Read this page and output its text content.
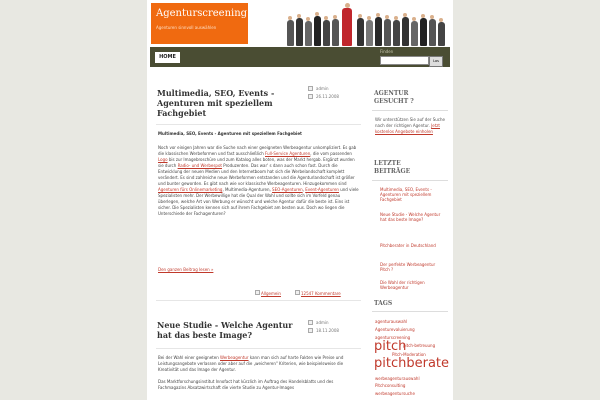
Agenturscreening
Agenturen sinnvoll auswählen
HOME
Finden
Los
Multimedia, SEO, Events - Agenturen mit speziellem Fachgebiet
admin
26.11.2008
Multimedia, SEO, Events - Agenturen mit speziellem Fachgebiet
Noch vor einigen Jahren war die Suche nach einer geeigneten Werbeagentur unkompliziert. Es gab die klassischen Werbeformen und fast ausschließlich Full-Service Agenturen, die vom passenden Logo bis zur Imagebroschüre und zum Katalog alles boten, was der Markt hergab. Ergänzt wurden sie durch Radio- und Werbespot Produzenten. Das war' s dann auch schon fast. Durch die Entwicklung der neuen Medien und den Internetboom hat sich die Werbelandschaft komplett verändert. Es sind zahlreiche neue Werbeformen entstanden und die Agenturlandschaft ist größer und bunter geworden. Es gibt nach wie vor klassische Werbeagenturen. Hinzugekommen sind Agenturen fürs Onlinemarketing, Multimedia-Agenturen, SEO-Agenturen, Event-Agenturen und viele Spezialisten mehr. Der Werbewillige hat die Qual der Wahl und sollte sich im Vorfeld genau überlegen, welche Art von Werbung er wünscht und welche Agentur dafür die beste ist. Eins ist sicher. Die Spezialisten kennen sich auf ihrem Fachgebiet am besten aus. Doch wo liegen die Unterschiede der Fachagenturen?
Den ganzen Beitrag lesen »
Allgemein	12547 Kommentare
Neue Studie - Welche Agentur hat das beste Image?
admin
18.11.2008
Bei der Wahl einer geeigneten Werbeagentur kann man sich auf harte Fakten wie Preise und Leistungsangebote verlassen oder aber auf die „weicheren" Kriterien, wie beispielsweise die Kreativität und das Image der Agentur.

Das Marktforschungsinstitut Innofact hat kürzlich im Auftrag des Handelsblatts und des Fachmagazins Absatzwirtschaft die vierte Studie zu Agentur-Images
AGENTUR GESUCHT ?
Wir unterstützen Sie auf der Suche nach der richtigen Agentur. Jetzt kostenlos Angebote einholen
LETZTE BEITRÄGE
Multimedia, SEO, Events - Agenturen mit speziellem Fachgebiet
Neue Studie - Welche Agentur hat das beste Image?
Pitchberater in Deutschland
Der perfekte Werbeagentur Pitch ?
Die Wahl der richtigen Werbeagentur
TAGS
agenturauswahl
Agenturevaluierung
agenturscreening
pitch
pitch-betreuung
Pitch-Moderation
pitchberate
werbeagenturauswahl
Pitchconsulting
werbeagentursuche
